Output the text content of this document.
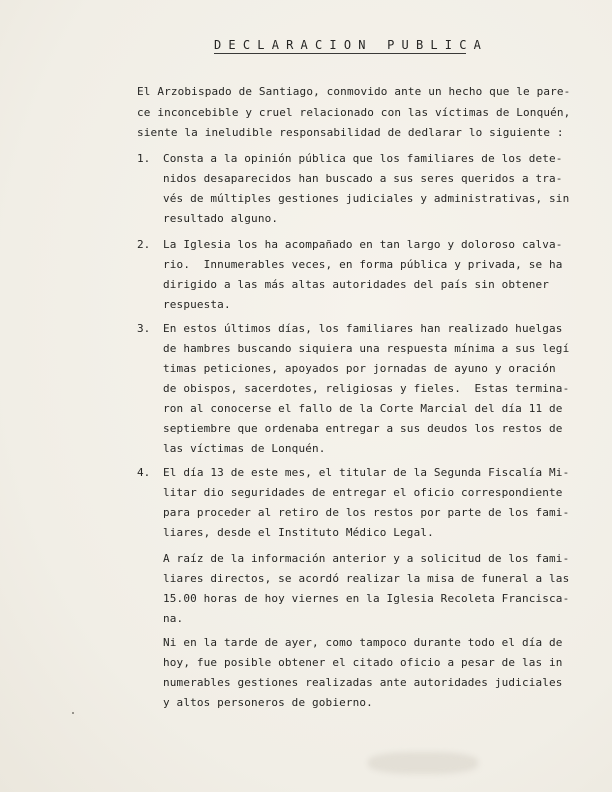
DECLARACION PUBLICA
El Arzobispado de Santiago, conmovido ante un hecho que le pare-
ce inconcebible y cruel relacionado con las víctimas de Lonquén,
siente la ineludible responsabilidad de dedlarar lo siguiente :
1. Consta a la opinión pública que los familiares de los dete-
nidos desaparecidos han buscado a sus seres queridos a tra-
vés de múltiples gestiones judiciales y administrativas, sin
resultado alguno.
2. La Iglesia los ha acompañado en tan largo y doloroso calva-
rio.  Innumerables veces, en forma pública y privada, se ha
dirigido a las más altas autoridades del país sin obtener
respuesta.
3. En estos últimos días, los familiares han realizado huelgas
de hambres buscando siquiera una respuesta mínima a sus legí
timas peticiones, apoyados por jornadas de ayuno y oración
de obispos, sacerdotes, religiosas y fieles.  Estas termina-
ron al conocerse el fallo de la Corte Marcial del día 11 de
septiembre que ordenaba entregar a sus deudos los restos de
las víctimas de Lonquén.
4. El día 13 de este mes, el titular de la Segunda Fiscalía Mi-
litar dio seguridades de entregar el oficio correspondiente
para proceder al retiro de los restos por parte de los fami-
liares, desde el Instituto Médico Legal.
A raíz de la información anterior y a solicitud de los fami-
liares directos, se acordó realizar la misa de funeral a las
15.00 horas de hoy viernes en la Iglesia Recoleta Francisca-
na.
Ni en la tarde de ayer, como tampoco durante todo el día de
hoy, fue posible obtener el citado oficio a pesar de las in
numerables gestiones realizadas ante autoridades judiciales
y altos personeros de gobierno.
